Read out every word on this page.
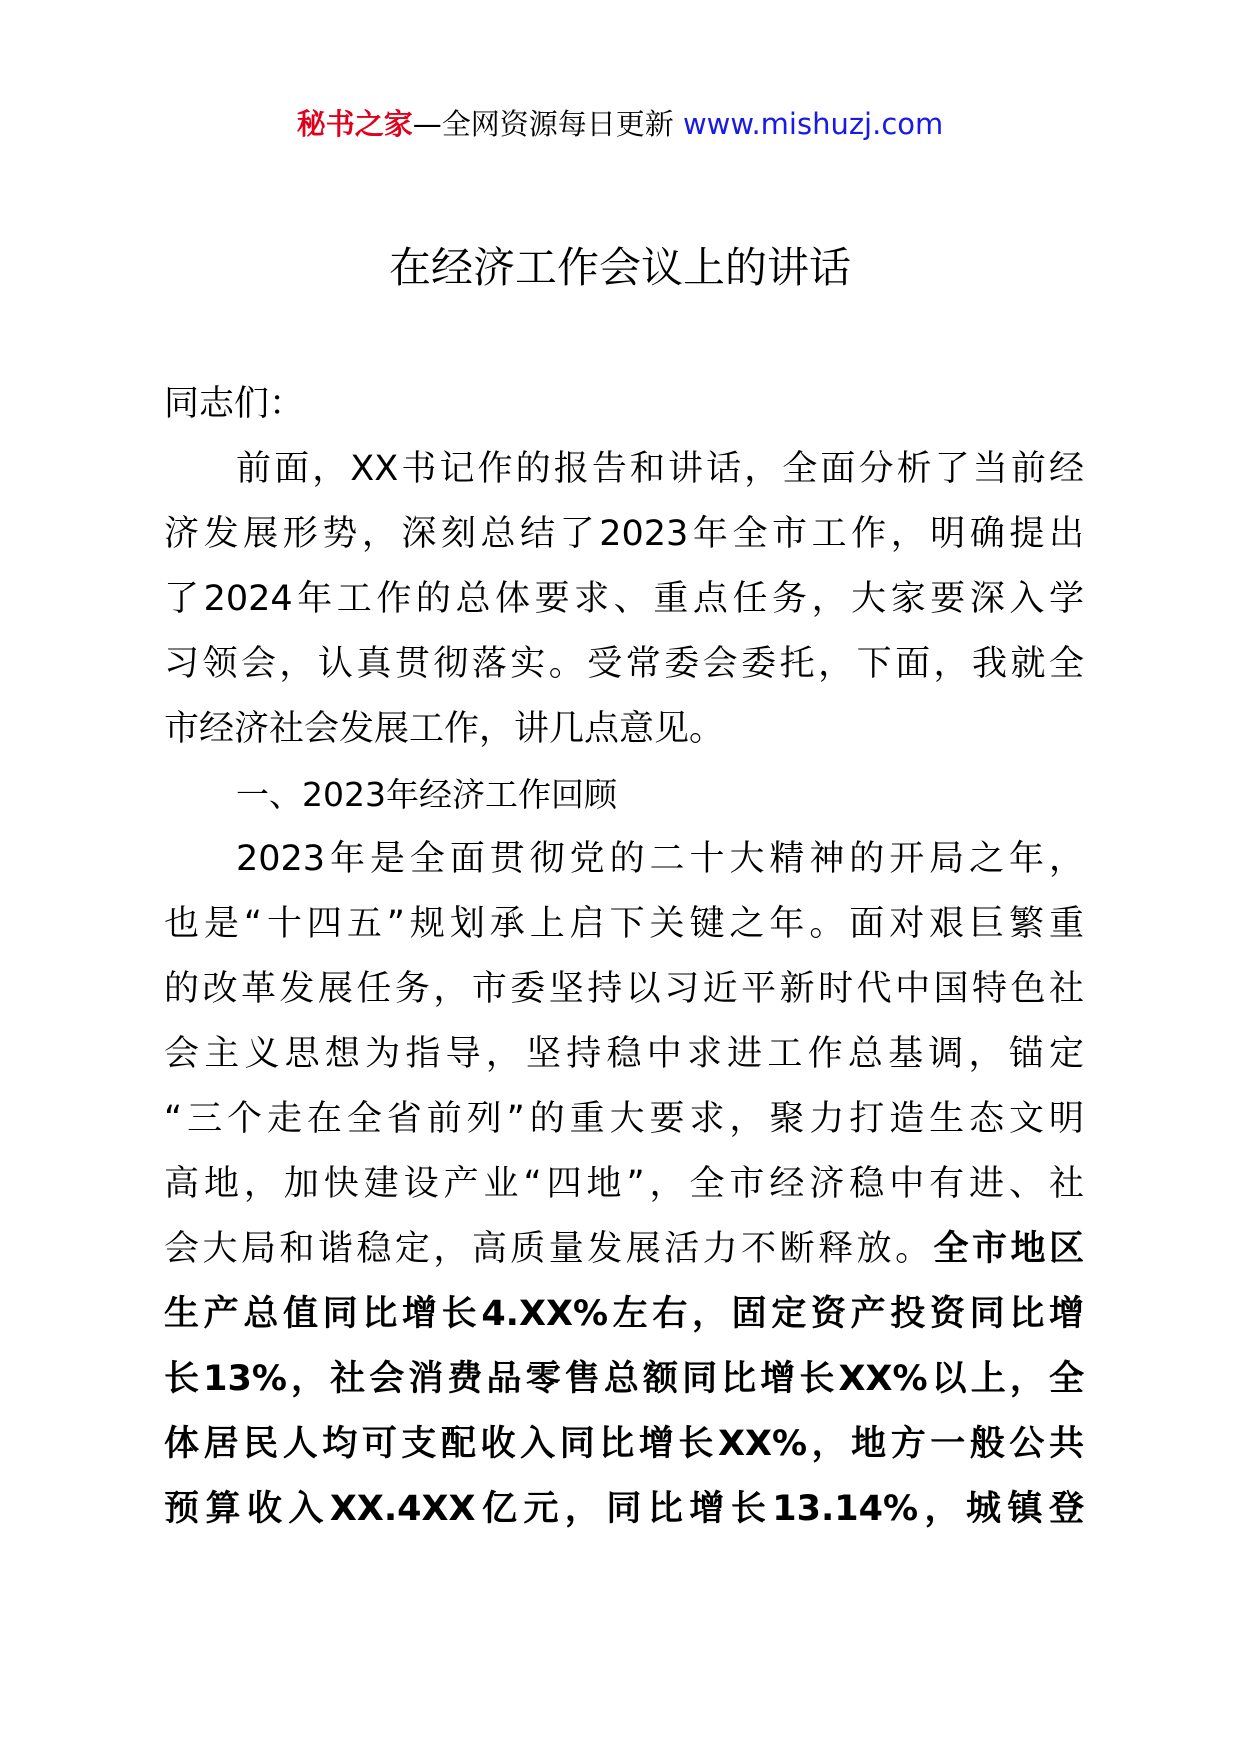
秘书之家—全网资源每日更新 www.mishuzj.com
在经济工作会议上的讲话
同志们：
前面，XX书记作的报告和讲话，全面分析了当前经
济发展形势，深刻总结了2023年全市工作，明确提出
了2024年工作的总体要求、重点任务，大家要深入学
习领会，认真贯彻落实。受常委会委托，下面，我就全
市经济社会发展工作，讲几点意见。
一、2023年经济工作回顾
2023年是全面贯彻党的二十大精神的开局之年，
也是“十四五”规划承上启下关键之年。面对艰巨繁重
的改革发展任务，市委坚持以习近平新时代中国特色社
会主义思想为指导，坚持稳中求进工作总基调，锚定
“三个走在全省前列”的重大要求，聚力打造生态文明
高地，加快建设产业“四地”，全市经济稳中有进、社
会大局和谐稳定，高质量发展活力不断释放。全市地区
生产总值同比增长4.XX%左右，固定资产投资同比增
长13%，社会消费品零售总额同比增长XX%以上，全
体居民人均可支配收入同比增长XX%，地方一般公共
预算收入XX.4XX亿元，同比增长13.14%，城镇登
